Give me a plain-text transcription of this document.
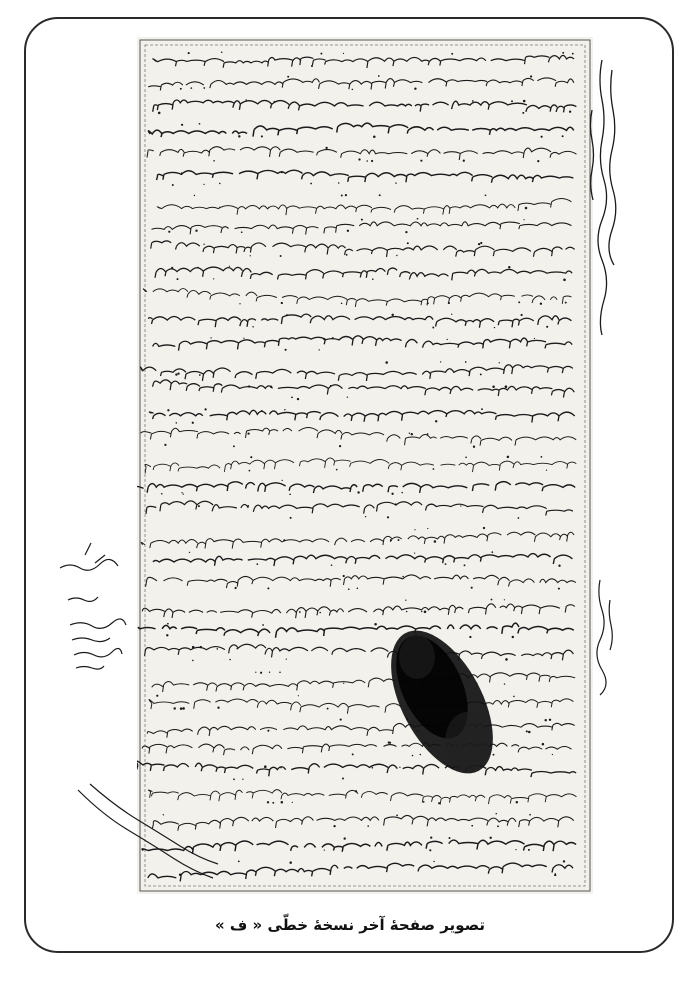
تصوير صفحهٔ آخر نسخهٔ خطّی « ف »
